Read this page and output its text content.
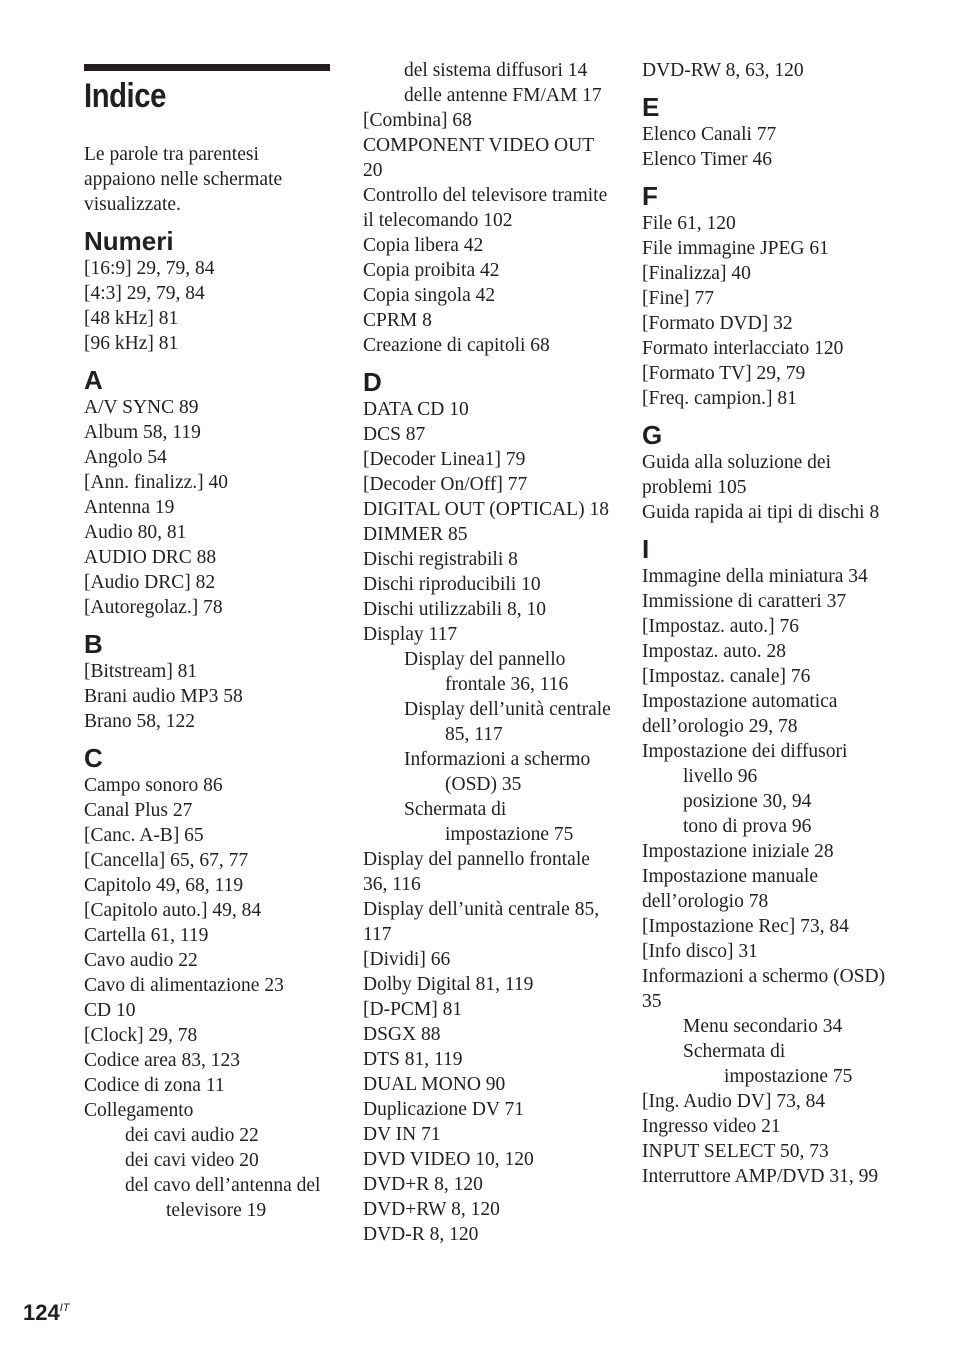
Indice

Le parole tra parentesi appaiono nelle schermate visualizzate.

Numeri
[16:9] 29, 79, 84
[4:3] 29, 79, 84
[48 kHz] 81
[96 kHz] 81
A
A/V SYNC 89
Album 58, 119
Angolo 54
[Ann. finalizz.] 40
Antenna 19
Audio 80, 81
AUDIO DRC 88
[Audio DRC] 82
[Autoregolaz.] 78
B
[Bitstream] 81
Brani audio MP3 58
Brano 58, 122
C
Campo sonoro 86
Canal Plus 27
[Canc. A-B] 65
[Cancella] 65, 67, 77
Capitolo 49, 68, 119
[Capitolo auto.] 49, 84
Cartella 61, 119
Cavo audio 22
Cavo di alimentazione 23
CD 10
[Clock] 29, 78
Codice area 83, 123
Codice di zona 11
Collegamento
dei cavi audio 22
dei cavi video 20
del cavo dell’antenna del televisore 19
del sistema diffusori 14
delle antenne FM/AM 17
[Combina] 68
COMPONENT VIDEO OUT 20
Controllo del televisore tramite il telecomando 102
Copia libera 42
Copia proibita 42
Copia singola 42
CPRM 8
Creazione di capitoli 68
D
DATA CD 10
DCS 87
[Decoder Linea1] 79
[Decoder On/Off] 77
DIGITAL OUT (OPTICAL) 18
DIMMER 85
Dischi registrabili 8
Dischi riproducibili 10
Dischi utilizzabili 8, 10
Display 117
Display del pannello frontale 36, 116
Display dell’unità centrale 85, 117
Informazioni a schermo (OSD) 35
Schermata di impostazione 75
Display del pannello frontale 36, 116
Display dell’unità centrale 85, 117
[Dividi] 66
Dolby Digital 81, 119
[D-PCM] 81
DSGX 88
DTS 81, 119
DUAL MONO 90
Duplicazione DV 71
DV IN 71
DVD VIDEO 10, 120
DVD+R 8, 120
DVD+RW 8, 120
DVD-R 8, 120
DVD-RW 8, 63, 120
E
Elenco Canali 77
Elenco Timer 46
F
File 61, 120
File immagine JPEG 61
[Finalizza] 40
[Fine] 77
[Formato DVD] 32
Formato interlacciato 120
[Formato TV] 29, 79
[Freq. campion.] 81
G
Guida alla soluzione dei problemi 105
Guida rapida ai tipi di dischi 8
I
Immagine della miniatura 34
Immissione di caratteri 37
[Impostaz. auto.] 76
Impostaz. auto. 28
[Impostaz. canale] 76
Impostazione automatica dell’orologio 29, 78
Impostazione dei diffusori
livello 96
posizione 30, 94
tono di prova 96
Impostazione iniziale 28
Impostazione manuale dell’orologio 78
[Impostazione Rec] 73, 84
[Info disco] 31
Informazioni a schermo (OSD) 35
Menu secondario 34
Schermata di impostazione 75
[Ing. Audio DV] 73, 84
Ingresso video 21
INPUT SELECT 50, 73
Interruttore AMP/DVD 31, 99
$124^{IT}$
